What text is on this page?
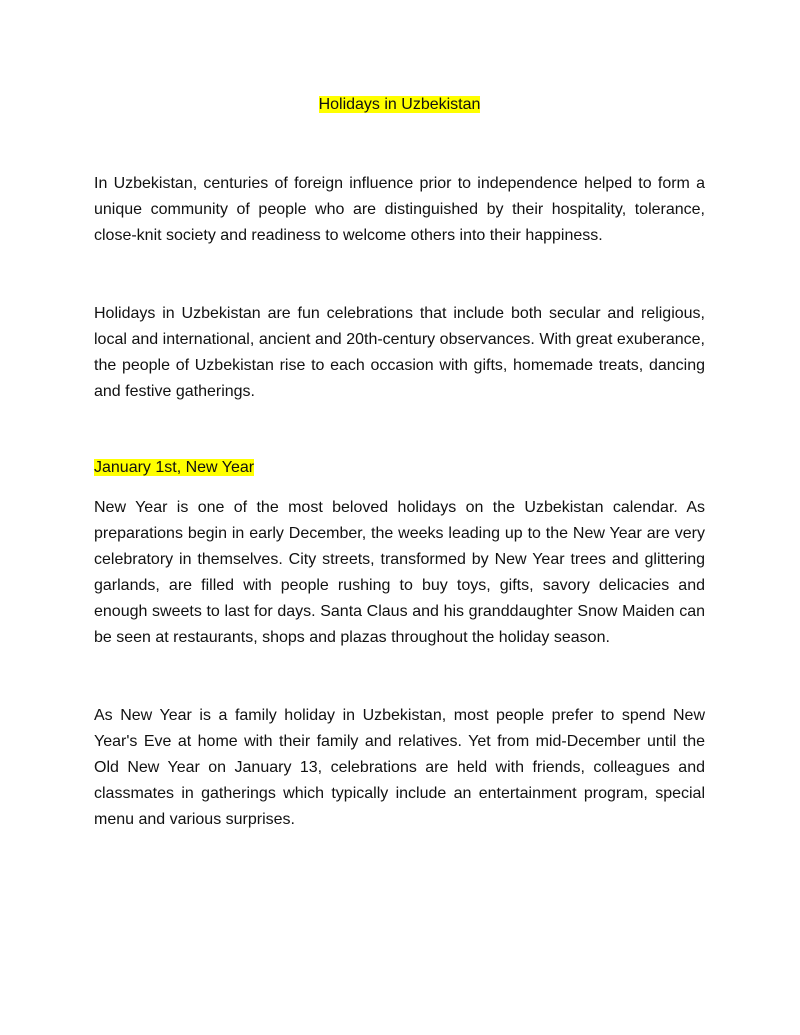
Holidays in Uzbekistan

In Uzbekistan, centuries of foreign influence prior to independence helped to form a unique community of people who are distinguished by their hospitality, tolerance, close-knit society and readiness to welcome others into their happiness.

Holidays in Uzbekistan are fun celebrations that include both secular and religious, local and international, ancient and 20th-century observances. With great exuberance, the people of Uzbekistan rise to each occasion with gifts, homemade treats, dancing and festive gatherings.

January 1st, New Year

New Year is one of the most beloved holidays on the Uzbekistan calendar. As preparations begin in early December, the weeks leading up to the New Year are very celebratory in themselves. City streets, transformed by New Year trees and glittering garlands, are filled with people rushing to buy toys, gifts, savory delicacies and enough sweets to last for days. Santa Claus and his granddaughter Snow Maiden can be seen at restaurants, shops and plazas throughout the holiday season.

As New Year is a family holiday in Uzbekistan, most people prefer to spend New Year's Eve at home with their family and relatives. Yet from mid-December until the Old New Year on January 13, celebrations are held with friends, colleagues and classmates in gatherings which typically include an entertainment program, special menu and various surprises.
